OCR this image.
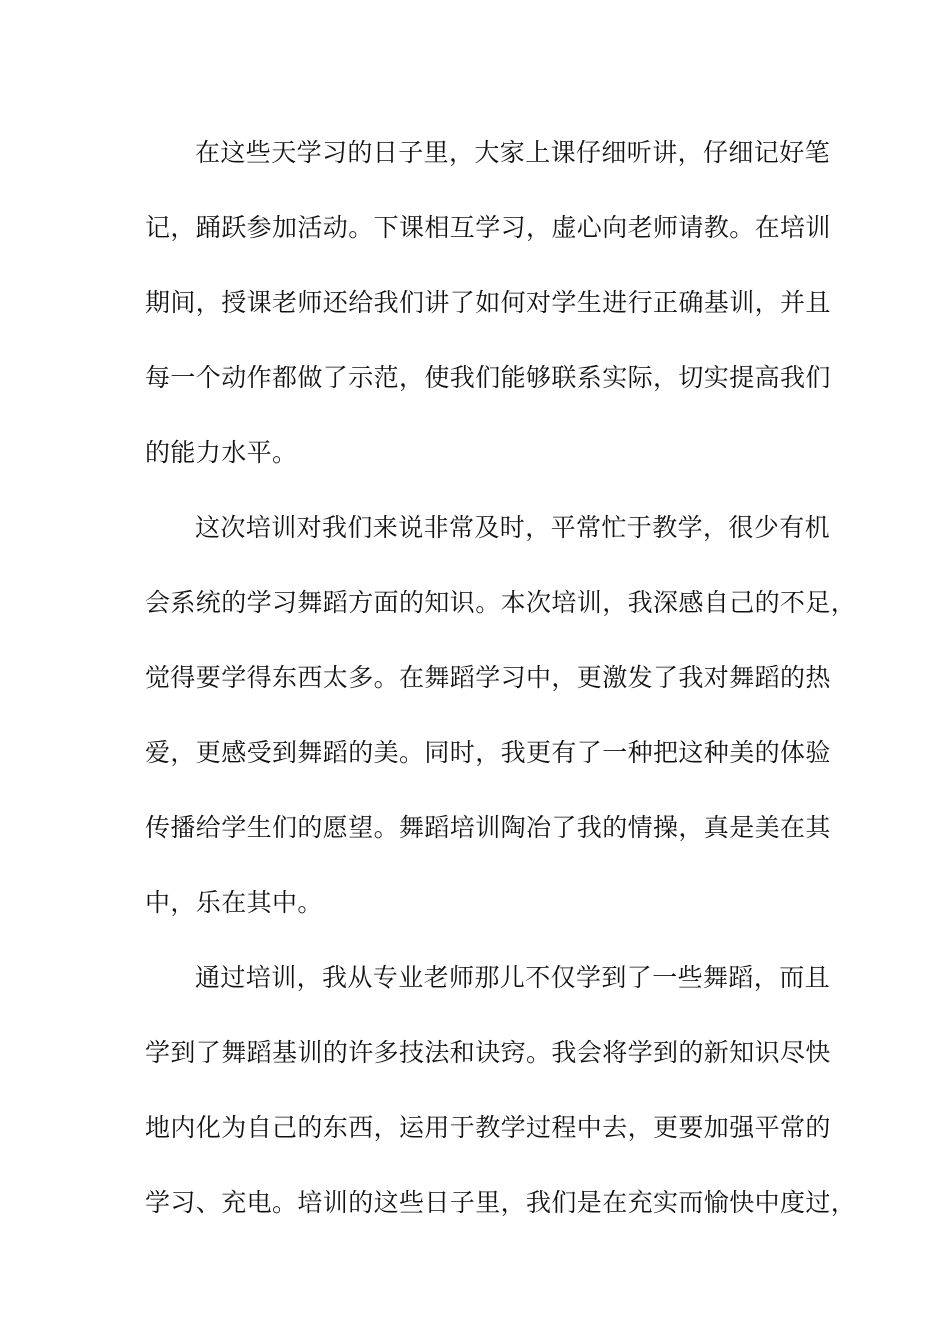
在这些天学习的日子里，大家上课仔细听讲，仔细记好笔
记，踊跃参加活动。下课相互学习，虚心向老师请教。在培训
期间，授课老师还给我们讲了如何对学生进行正确基训，并且
每一个动作都做了示范，使我们能够联系实际，切实提高我们
的能力水平。
这次培训对我们来说非常及时，平常忙于教学，很少有机
会系统的学习舞蹈方面的知识。本次培训，我深感自己的不足，
觉得要学得东西太多。在舞蹈学习中，更激发了我对舞蹈的热
爱，更感受到舞蹈的美。同时，我更有了一种把这种美的体验
传播给学生们的愿望。舞蹈培训陶冶了我的情操，真是美在其
中，乐在其中。
通过培训，我从专业老师那儿不仅学到了一些舞蹈，而且
学到了舞蹈基训的许多技法和诀窍。我会将学到的新知识尽快
地内化为自己的东西，运用于教学过程中去，更要加强平常的
学习、充电。培训的这些日子里，我们是在充实而愉快中度过，
